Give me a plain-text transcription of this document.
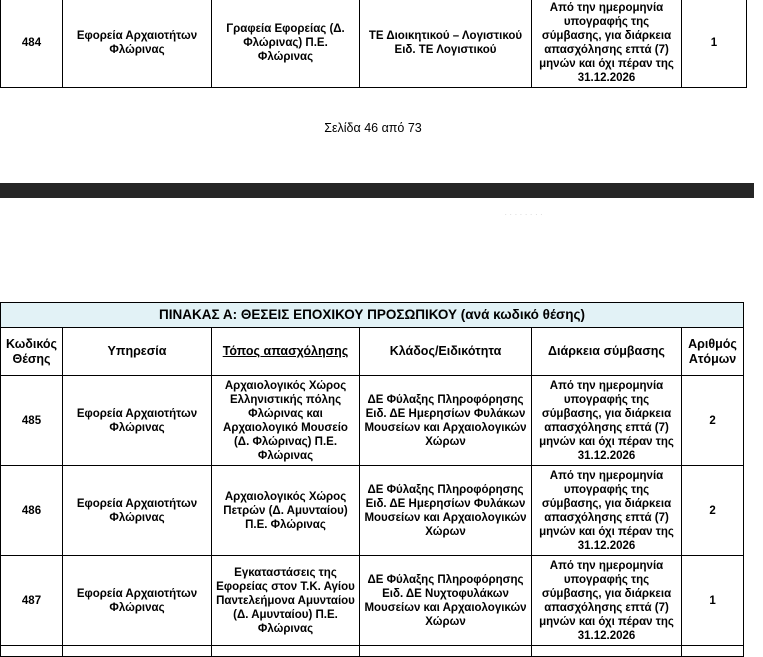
484	Εφορεία Αρχαιοτήτων Φλώρινας	Γραφεία Εφορείας (Δ. Φλώρινας) Π.Ε. Φλώρινας	ΤΕ Διοικητικού – Λογιστικού Ειδ. ΤΕ Λογιστικού	Από την ημερομηνία υπογραφής της σύμβασης, για διάρκεια απασχόλησης επτά (7) μηνών και όχι πέραν της 31.12.2026	1
Σελίδα 46 από 73
· · · · · · · ·
ΠΙΝΑΚΑΣ Α: ΘΕΣΕΙΣ ΕΠΟΧΙΚΟΥ ΠΡΟΣΩΠΙΚΟΥ (ανά κωδικό θέσης)					
Κωδικός Θέσης	Υπηρεσία	Τόπος απασχόλησης	Κλάδος/Ειδικότητα	Διάρκεια σύμβασης	Αριθμός Ατόμων
485	Εφορεία Αρχαιοτήτων Φλώρινας	Αρχαιολογικός Χώρος Ελληνιστικής πόλης Φλώρινας και Αρχαιολογικό Μουσείο (Δ. Φλώρινας) Π.Ε. Φλώρινας	ΔΕ Φύλαξης Πληροφόρησης Ειδ. ΔΕ Ημερησίων Φυλάκων Μουσείων και Αρχαιολογικών Χώρων	Από την ημερομηνία υπογραφής της σύμβασης, για διάρκεια απασχόλησης επτά (7) μηνών και όχι πέραν της 31.12.2026	2
486	Εφορεία Αρχαιοτήτων Φλώρινας	Αρχαιολογικός Χώρος Πετρών (Δ. Αμυνταίου) Π.Ε. Φλώρινας	ΔΕ Φύλαξης Πληροφόρησης Ειδ. ΔΕ Ημερησίων Φυλάκων Μουσείων και Αρχαιολογικών Χώρων	Από την ημερομηνία υπογραφής της σύμβασης, για διάρκεια απασχόλησης επτά (7) μηνών και όχι πέραν της 31.12.2026	2
487	Εφορεία Αρχαιοτήτων Φλώρινας	Εγκαταστάσεις της Εφορείας στον Τ.Κ. Αγίου Παντελεήμονα Αμυνταίου (Δ. Αμυνταίου) Π.Ε. Φλώρινας	ΔΕ Φύλαξης Πληροφόρησης Ειδ. ΔΕ Νυχτοφυλάκων Μουσείων και Αρχαιολογικών Χώρων	Από την ημερομηνία υπογραφής της σύμβασης, για διάρκεια απασχόλησης επτά (7) μηνών και όχι πέραν της 31.12.2026	1
